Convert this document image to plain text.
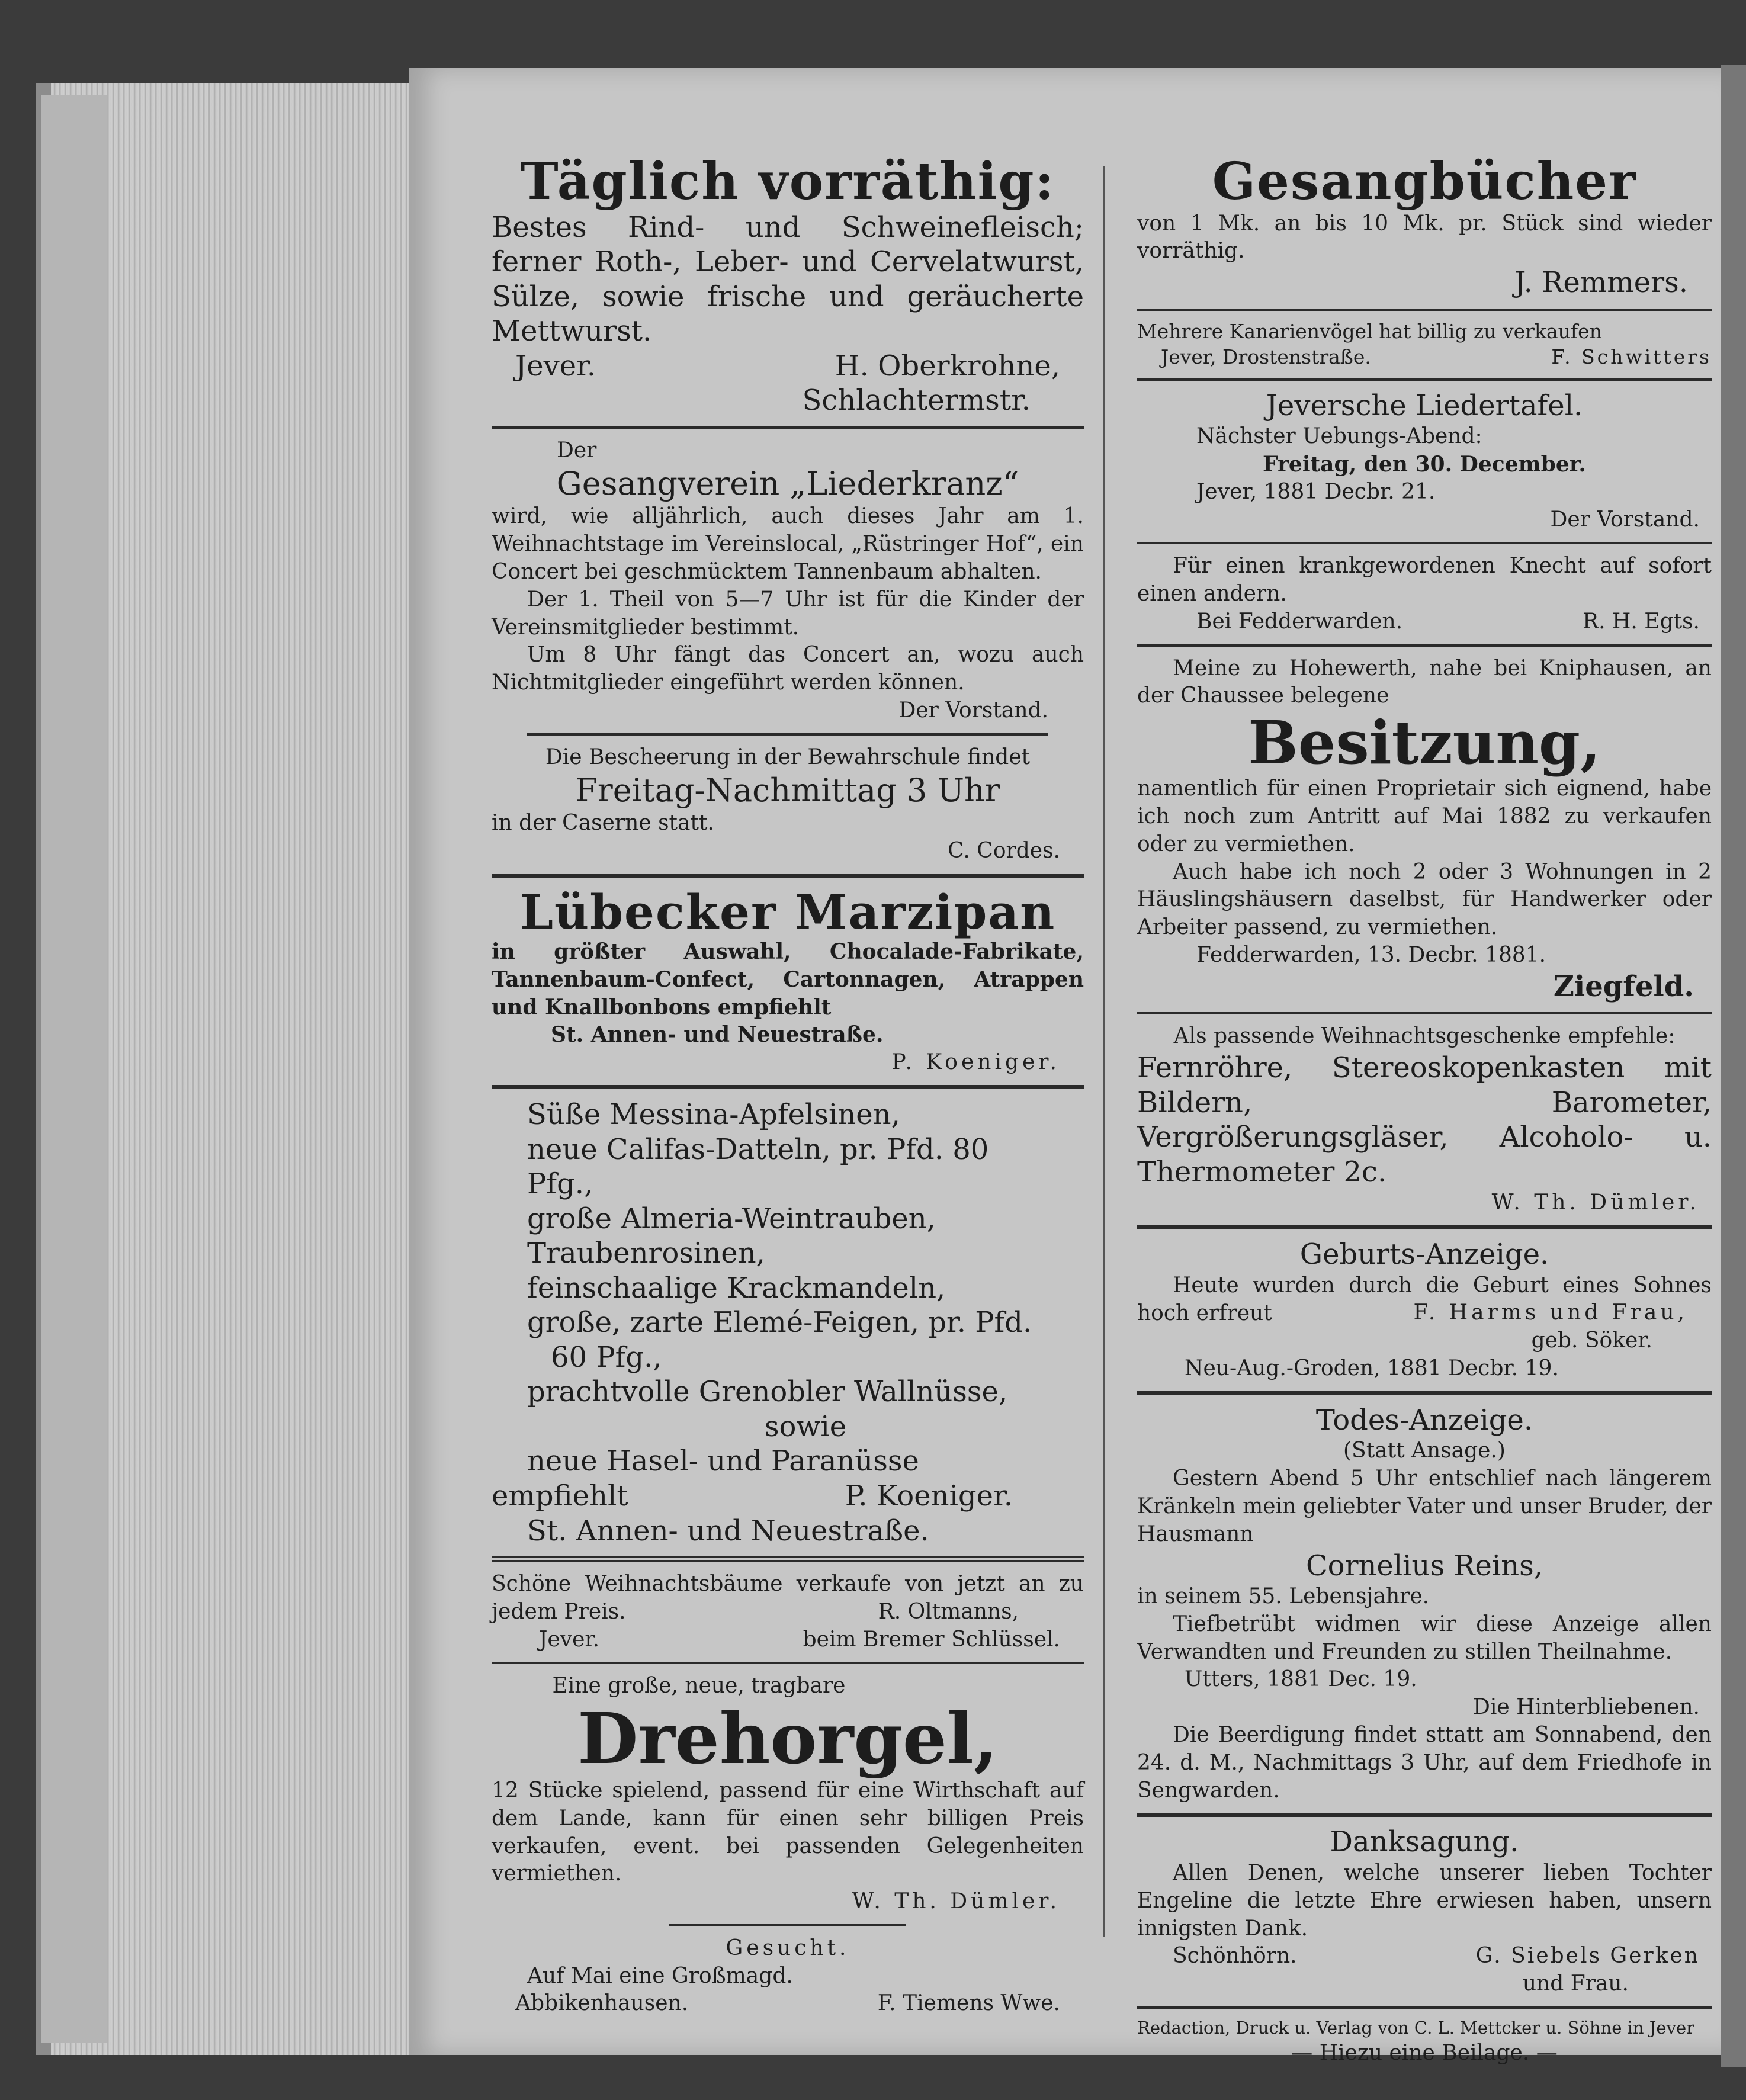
Täglich vorräthig:

Bestes Rind- und Schweinefleisch; ferner Roth-, Leber- und Cervelatwurst, Sülze, sowie frische und geräucherte Mettwurst.

Jever.	H. Oberkrohne,

Schlachtermstr.

Der

Gesangverein „Liederkranz“

wird, wie alljährlich, auch dieses Jahr am 1. Weihnachtstage im Vereinslocal, „Rüstringer Hof“, ein Concert bei geschmücktem Tannenbaum abhalten.

Der 1. Theil von 5—7 Uhr ist für die Kinder der Vereinsmitglieder bestimmt.

Um 8 Uhr fängt das Concert an, wozu auch Nichtmitglieder eingeführt werden können.

Der Vorstand.

Die Bescheerung in der Bewahrschule findet

Freitag-Nachmittag 3 Uhr

in der Caserne statt.

C. Cordes.

Lübecker Marzipan

in größter Auswahl, Chocalade-Fabrikate, Tannenbaum-Confect, Cartonnagen, Atrappen und Knallbonbons empfiehlt

St. Annen- und Neuestraße.

P. Koeniger.

Süße Messina-Apfelsinen,

neue Califas-Datteln, pr. Pfd. 80

Pfg.,

große Almeria-Weintrauben,

Traubenrosinen,

feinschaalige Krackmandeln,

große, zarte Elemé-Feigen, pr. Pfd.

60 Pfg.,

prachtvolle Grenobler Wallnüsse,

sowie

neue Hasel- und Paranüsse

empfiehlt	P. Koeniger.

St. Annen- und Neuestraße.

Schöne Weihnachtsbäume verkaufe von jetzt an zu jedem Preis.	R. Oltmanns,

Jever.	beim Bremer Schlüssel.

Eine große, neue, tragbare

Drehorgel,

12 Stücke spielend, passend für eine Wirthschaft auf dem Lande, kann für einen sehr billigen Preis verkaufen, event. bei passenden Gelegenheiten vermiethen.

W. Th. Dümler.

Gesucht.

Auf Mai eine Großmagd.

Abbikenhausen.	F. Tiemens Wwe.

Gesangbücher

von 1 Mk. an bis 10 Mk. pr. Stück sind wieder vorräthig.

J. Remmers.

Mehrere Kanarienvögel hat billig zu verkaufen

Jever, Drostenstraße.	F. Schwitters

Jeversche Liedertafel.

Nächster Uebungs-Abend:

Freitag, den 30. December.

Jever, 1881 Decbr. 21.

Der Vorstand.

Für einen krankgewordenen Knecht auf sofort einen andern.

Bei Fedderwarden.	R. H. Egts.

Meine zu Hohewerth, nahe bei Kniphausen, an der Chaussee belegene

Besitzung,

namentlich für einen Proprietair sich eignend, habe ich noch zum Antritt auf Mai 1882 zu verkaufen oder zu vermiethen.

Auch habe ich noch 2 oder 3 Wohnungen in 2 Häuslingshäusern daselbst, für Handwerker oder Arbeiter passend, zu vermiethen.

Fedderwarden, 13. Decbr. 1881.

Ziegfeld.

Als passende Weihnachtsgeschenke empfehle:

Fernröhre, Stereoskopenkasten mit Bildern, Barometer, Vergrößerungsgläser, Alcoholo- u. Thermometer 2c.

W. Th. Dümler.

Geburts-Anzeige.

Heute wurden durch die Geburt eines Sohnes hoch erfreut	F. Harms und Frau,

geb. Söker.

Neu-Aug.-Groden, 1881 Decbr. 19.

Todes-Anzeige.

(Statt Ansage.)

Gestern Abend 5 Uhr entschlief nach längerem Kränkeln mein geliebter Vater und unser Bruder, der Hausmann

Cornelius Reins,

in seinem 55. Lebensjahre.

Tiefbetrübt widmen wir diese Anzeige allen Verwandten und Freunden zu stillen Theilnahme.

Utters, 1881 Dec. 19.

Die Hinterbliebenen.

Die Beerdigung findet sttatt am Sonnabend, den 24. d. M., Nachmittags 3 Uhr, auf dem Friedhofe in Sengwarden.

Danksagung.

Allen Denen, welche unserer lieben Tochter Engeline die letzte Ehre erwiesen haben, unsern innigsten Dank.

Schönhörn.	G. Siebels Gerken

und Frau.

Redaction, Druck u. Verlag von C. L. Mettcker u. Söhne in Jever

— Hiezu eine Beilage. —
